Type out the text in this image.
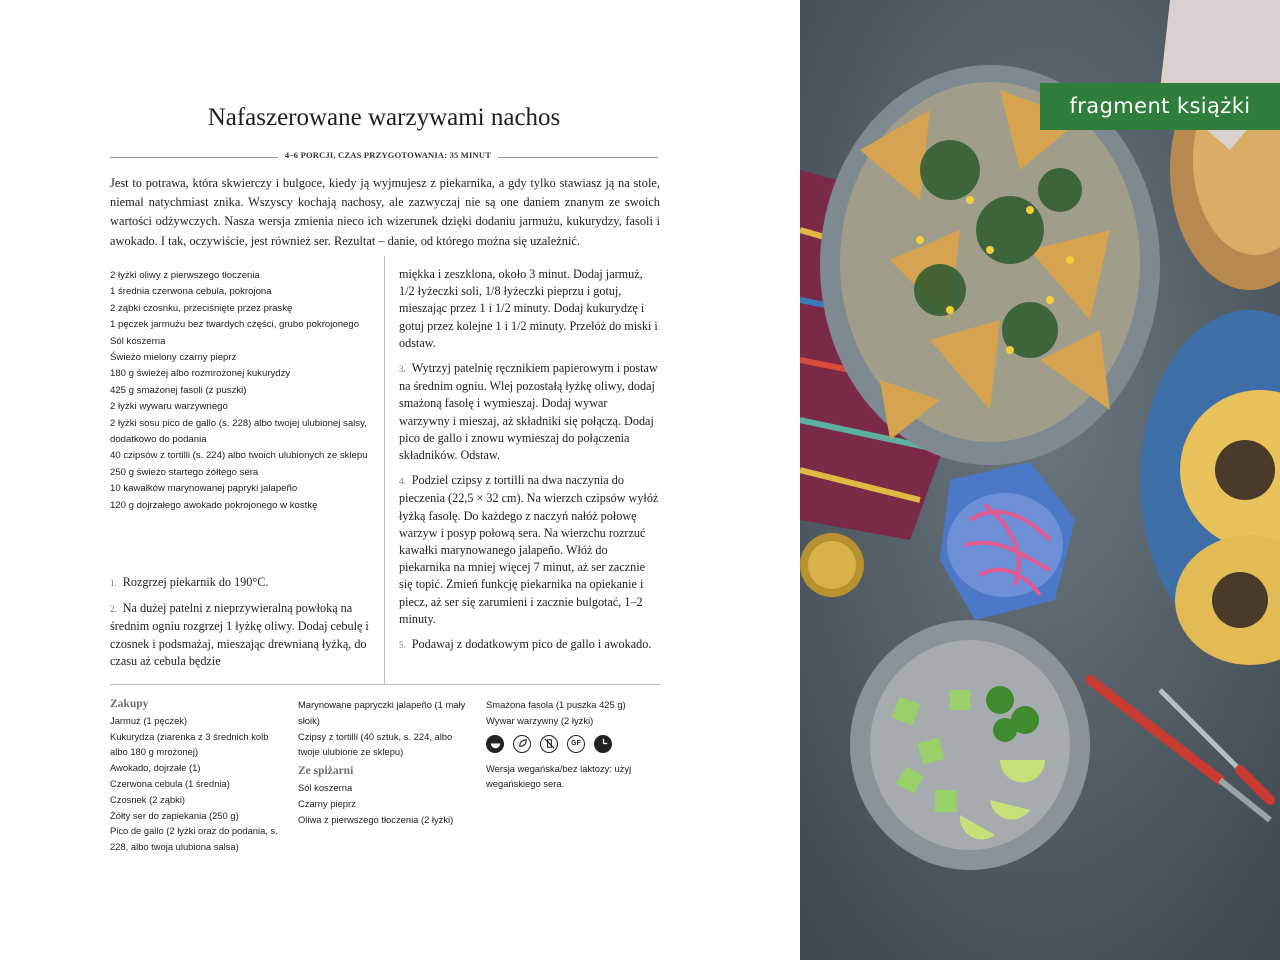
Nafaszerowane warzywami nachos
4–6 PORCJI, CZAS PRZYGOTOWANIA: 35 MINUT

Jest to potrawa, która skwierczy i bulgoce, kiedy ją wyjmujesz z piekarnika, a gdy tylko stawiasz ją na stole, niemal natychmiast znika. Wszyscy kochają nachosy, ale zazwyczaj nie są one daniem znanym ze swoich wartości odżywczych. Nasza wersja zmienia nieco ich wizerunek dzięki dodaniu jarmużu, kukurydzy, fasoli i awokado. I tak, oczywiście, jest również ser. Rezultat – danie, od którego można się uzależnić.

2 łyżki oliwy z pierwszego tłoczenia
1 średnia czerwona cebula, pokrojona
2 ząbki czosnku, przeciśnięte przez praskę
1 pęczek jarmużu bez twardych części, grubo pokrojonego
Sól koszerna
Świeżo mielony czarny pieprz
180 g świeżej albo rozmrożonej kukurydzy
425 g smażonej fasoli (z puszki)
2 łyżki wywaru warzywnego
2 łyżki sosu pico de gallo (s. 228) albo twojej ulubionej salsy, dodatkowo do podania
40 czipsów z tortilli (s. 224) albo twoich ulubionych ze sklepu
250 g świeżo startego żółtego sera
10 kawałków marynowanej papryki jalapeño
120 g dojrzałego awokado pokrojonego w kostkę

1. Rozgrzej piekarnik do 190°C.

2. Na dużej patelni z nieprzywieralną powłoką na średnim ogniu rozgrzej 1 łyżkę oliwy. Dodaj cebulę i czosnek i podsmażaj, mieszając drewnianą łyżką, do czasu aż cebula będzie

miękka i zeszklona, około 3 minut. Dodaj jarmuż, 1/2 łyżeczki soli, 1/8 łyżeczki pieprzu i gotuj, mieszając przez 1 i 1/2 minuty. Dodaj kukurydzę i gotuj przez kolejne 1 i 1/2 minuty. Przełóż do miski i odstaw.

3. Wytrzyj patelnię ręcznikiem papierowym i postaw na średnim ogniu. Wlej pozostałą łyżkę oliwy, dodaj smażoną fasolę i wymieszaj. Dodaj wywar warzywny i mieszaj, aż składniki się połączą. Dodaj pico de gallo i znowu wymieszaj do połączenia składników. Odstaw.

4. Podziel czipsy z tortilli na dwa naczynia do pieczenia (22,5 × 32 cm). Na wierzch czipsów wyłóż łyżką fasolę. Do każdego z naczyń nałóż połowę warzyw i posyp połową sera. Na wierzchu rozrzuć kawałki marynowanego jalapeño. Włóż do piekarnika na mniej więcej 7 minut, aż ser zacznie się topić. Zmień funkcję piekarnika na opiekanie i piecz, aż ser się zarumieni i zacznie bulgotać, 1–2 minuty.

5. Podawaj z dodatkowym pico de gallo i awokado.

Zakupy

Jarmuż (1 pęczek)

Kukurydza (ziarenka z 3 średnich kolb albo 180 g mrożonej)

Awokado, dojrzałe (1)

Czerwona cebula (1 średnia)

Czosnek (2 ząbki)

Żółty ser do zapiekania (250 g)

Pico de gallo (2 łyżki oraz do podania, s. 228, albo twoja ulubiona salsa)

Marynowane papryczki jalapeño (1 mały słoik)

Czipsy z tortilli (40 sztuk, s. 224, albo twoje ulubione ze sklepu)

Ze spiżarni

Sól koszerna

Czarny pieprz

Oliwa z pierwszego tłoczenia (2 łyżki)

Smażona fasola (1 puszka 425 g)

Wywar warzywny (2 łyżki)

GF

Wersja wegańska/bez laktozy: użyj wegańskiego sera.

fragment książki
